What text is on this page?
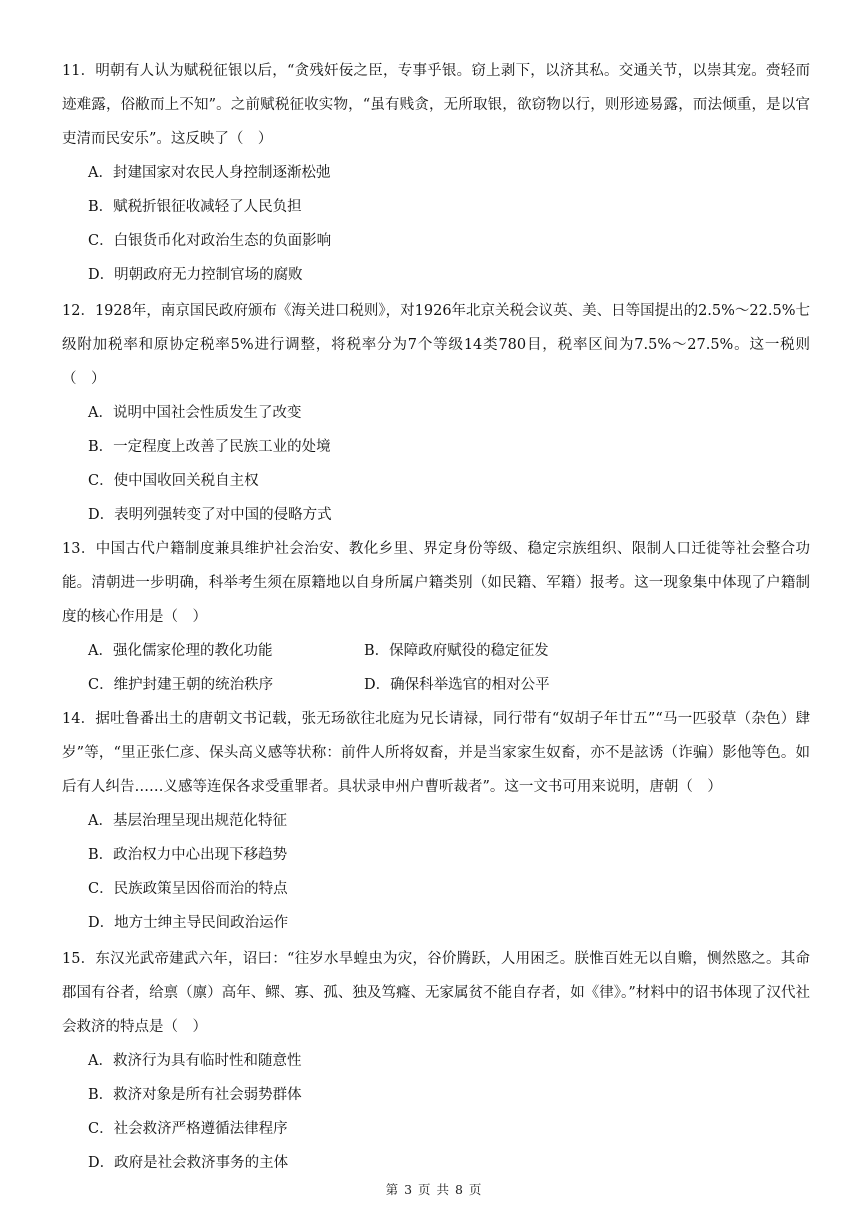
11．明朝有人认为赋税征银以后，“贪残奸佞之臣，专事乎银。窃上剥下，以济其私。交通关节，以崇其宠。赍轻而迹难露，俗敝而上不知”。之前赋税征收实物，“虽有贱贪，无所取银，欲窃物以行，则形迹易露，而法倾重，是以官吏清而民安乐”。这反映了（　）

A．封建国家对农民人身控制逐渐松弛

B．赋税折银征收减轻了人民负担

C．白银货币化对政治生态的负面影响

D．明朝政府无力控制官场的腐败

12．1928年，南京国民政府颁布《海关进口税则》，对1926年北京关税会议英、美、日等国提出的2.5%～22.5%七级附加税率和原协定税率5%进行调整，将税率分为7个等级14类780目，税率区间为7.5%～27.5%。这一税则（　）

A．说明中国社会性质发生了改变

B．一定程度上改善了民族工业的处境

C．使中国收回关税自主权

D．表明列强转变了对中国的侵略方式

13．中国古代户籍制度兼具维护社会治安、教化乡里、界定身份等级、稳定宗族组织、限制人口迁徙等社会整合功能。清朝进一步明确，科举考生须在原籍地以自身所属户籍类别（如民籍、军籍）报考。这一现象集中体现了户籍制度的核心作用是（　）

A．强化儒家伦理的教化功能	B．保障政府赋役的稳定征发
C．维护封建王朝的统治秩序	D．确保科举选官的相对公平

14．据吐鲁番出土的唐朝文书记载，张无玚欲往北庭为兄长请禄，同行带有“奴胡子年廿五”“马一匹驳草（杂色）肆岁”等，“里正张仁彦、保头高义感等状称：前件人所将奴畜，并是当家家生奴畜，亦不是詃诱（诈骗）影他等色。如后有人纠告……义感等连保各求受重罪者。具状录申州户曹听裁者”。这一文书可用来说明，唐朝（　）

A．基层治理呈现出规范化特征

B．政治权力中心出现下移趋势

C．民族政策呈因俗而治的特点

D．地方士绅主导民间政治运作

15．东汉光武帝建武六年，诏曰：“往岁水旱蝗虫为灾，谷价腾跃，人用困乏。朕惟百姓无以自赡，恻然愍之。其命郡国有谷者，给禀（廪）高年、鳏、寡、孤、独及笃癃、无家属贫不能自存者，如《律》。”材料中的诏书体现了汉代社会救济的特点是（　）

A．救济行为具有临时性和随意性

B．救济对象是所有社会弱势群体

C．社会救济严格遵循法律程序

D．政府是社会救济事务的主体

第 3 页 共 8 页
